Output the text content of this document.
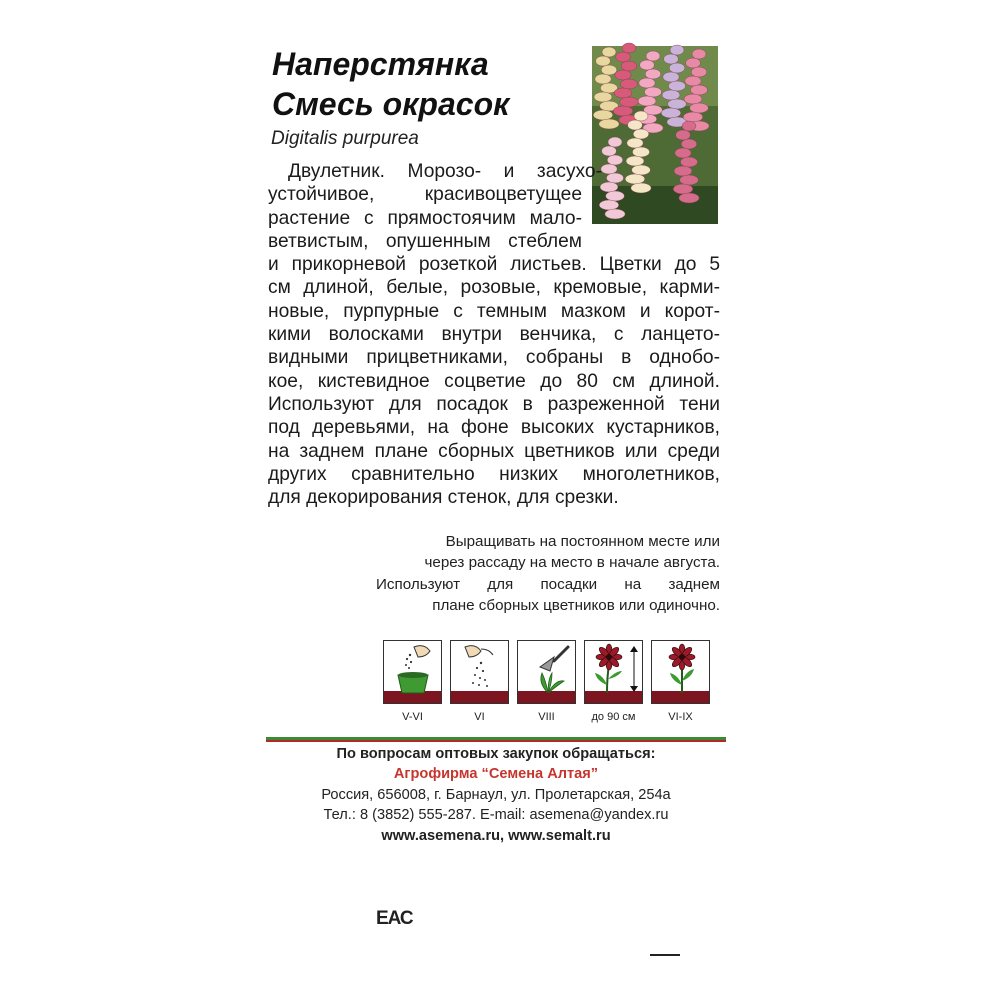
Наперстянка
Смесь окрасок
Digitalis purpurea
Двулетник. Морозо- и засухо-
устойчивое, красивоцветущее
растение с прямостоячим мало-
ветвистым, опушенным стеблем
и прикорневой розеткой листьев. Цветки до 5
см длиной, белые, розовые, кремовые, карми-
новые, пурпурные с темным мазком и корот-
кими волосками внутри венчика, с ланцето-
видными прицветниками, собраны в однобо-
кое, кистевидное соцветие до 80 см длиной.
Используют для посадок в разреженной тени
под деревьями, на фоне высоких кустарников,
на заднем плане сборных цветников или среди
других сравнительно низких многолетников,
для декорирования стенок, для срезки.
Выращивать на постоянном месте или
через рассаду на место в начале августа.
Используют для посадки на заднем
плане сборных цветников или одиночно.
V-VI	VI	VIII	до 90 см	VI-IX
По вопросам оптовых закупок обращаться:
Агрофирма “Семена Алтая”
Россия, 656008, г. Барнаул, ул. Пролетарская, 254а
Тел.: 8 (3852) 555-287. E-mail: asemena@yandex.ru
www.asemena.ru, www.semalt.ru
ЕАС
